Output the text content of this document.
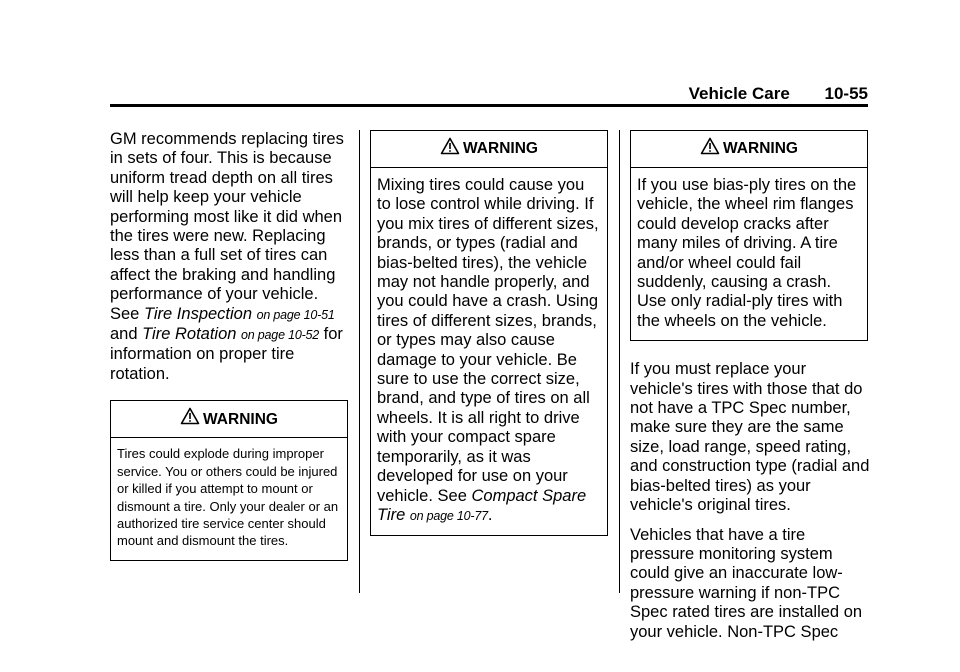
Vehicle Care 10-55

GM recommends replacing tires in sets of four. This is because uniform tread depth on all tires will help keep your vehicle performing most like it did when the tires were new. Replacing less than a full set of tires can affect the braking and handling performance of your vehicle. See Tire Inspection on page 10-51 and Tire Rotation on page 10-52 for information on proper tire rotation.

WARNING
Tires could explode during improper service. You or others could be injured or killed if you attempt to mount or dismount a tire. Only your dealer or an authorized tire service center should mount and dismount the tires.
WARNING
Mixing tires could cause you to lose control while driving. If you mix tires of different sizes, brands, or types (radial and bias-belted tires), the vehicle may not handle properly, and you could have a crash. Using tires of different sizes, brands, or types may also cause damage to your vehicle. Be sure to use the correct size, brand, and type of tires on all wheels. It is all right to drive with your compact spare temporarily, as it was developed for use on your vehicle. See Compact Spare Tire on page 10-77.
WARNING
If you use bias-ply tires on the vehicle, the wheel rim flanges could develop cracks after many miles of driving. A tire and/or wheel could fail suddenly, causing a crash. Use only radial-ply tires with the wheels on the vehicle.

If you must replace your vehicle's tires with those that do not have a TPC Spec number, make sure they are the same size, load range, speed rating, and construction type (radial and bias-belted tires) as your vehicle's original tires.

Vehicles that have a tire pressure monitoring system could give an inaccurate low-pressure warning if non-TPC Spec rated tires are installed on your vehicle. Non-TPC Spec
